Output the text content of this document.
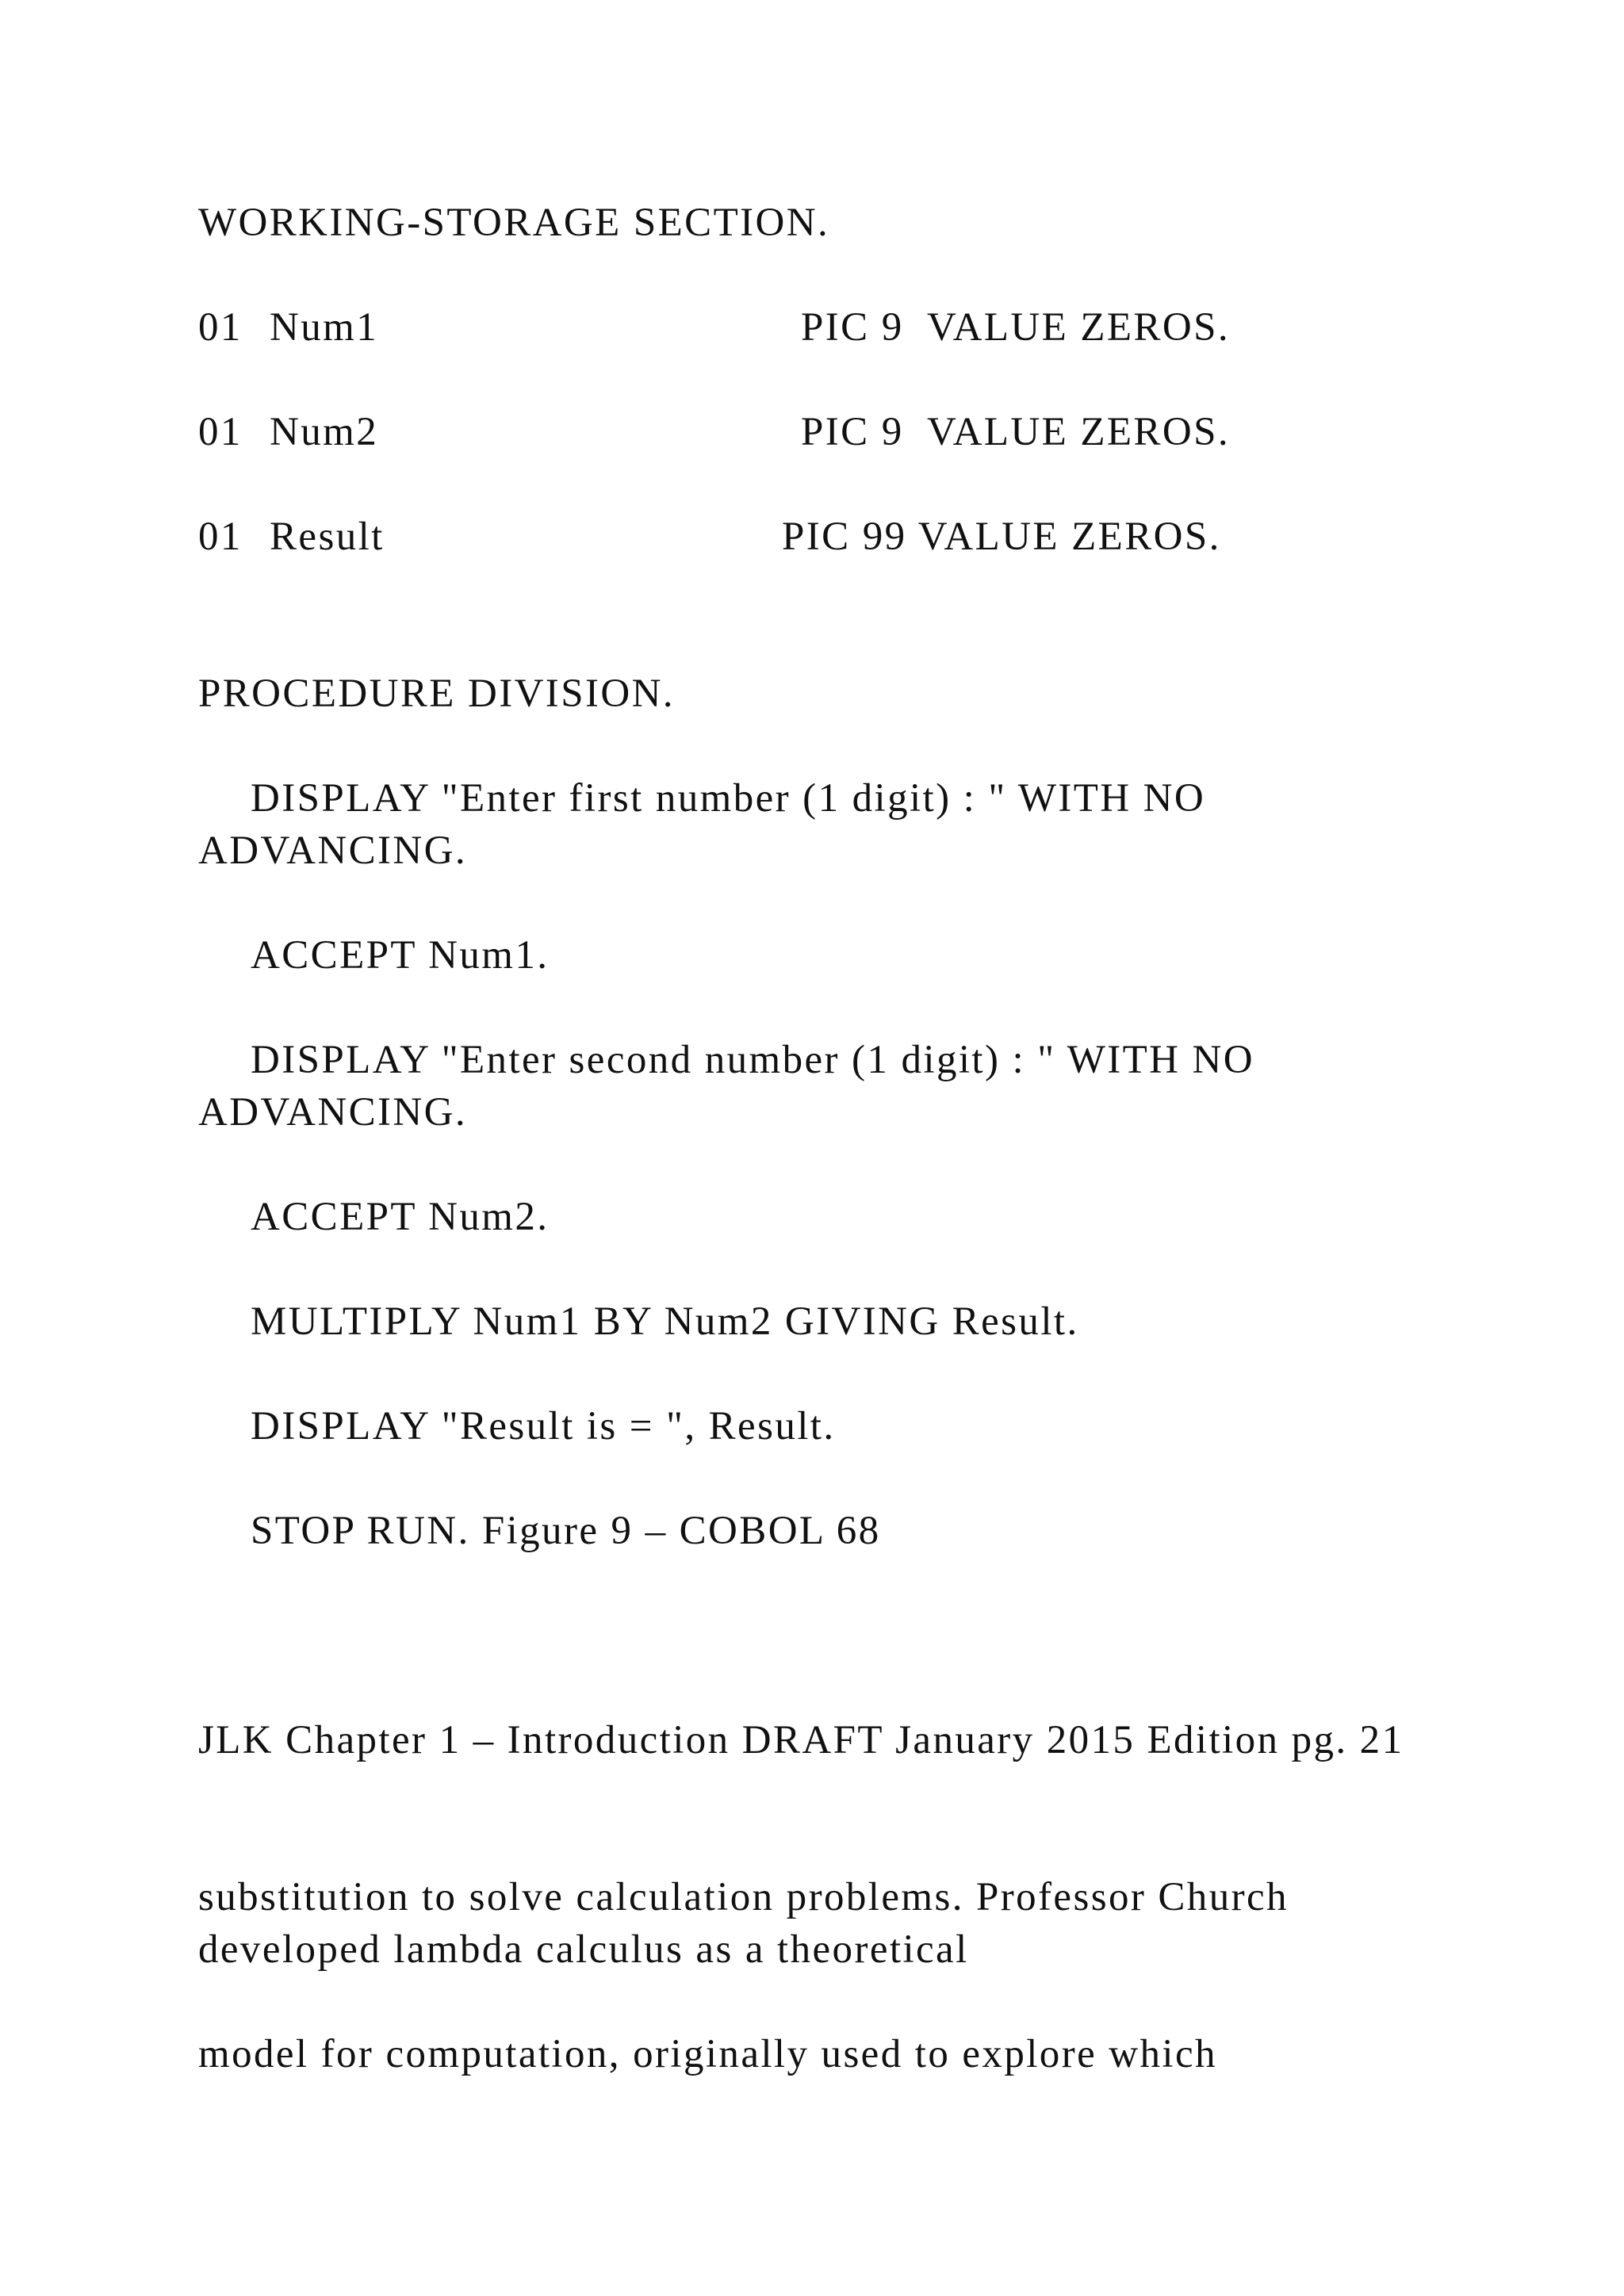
WORKING-STORAGE SECTION.
01 Num1	PIC 9  VALUE ZEROS.
01 Num2	PIC 9  VALUE ZEROS.
01 Result	PIC 99 VALUE ZEROS.
PROCEDURE DIVISION.
DISPLAY "Enter first number (1 digit) : " WITH NO ADVANCING.
ACCEPT Num1.
DISPLAY "Enter second number (1 digit) : " WITH NO ADVANCING.
ACCEPT Num2.
MULTIPLY Num1 BY Num2 GIVING Result.
DISPLAY "Result is = ", Result.
STOP RUN. Figure 9 – COBOL 68
JLK Chapter 1 – Introduction DRAFT January 2015 Edition pg. 21
substitution to solve calculation problems. Professor Church developed lambda calculus as a theoretical
model for computation, originally used to explore which
